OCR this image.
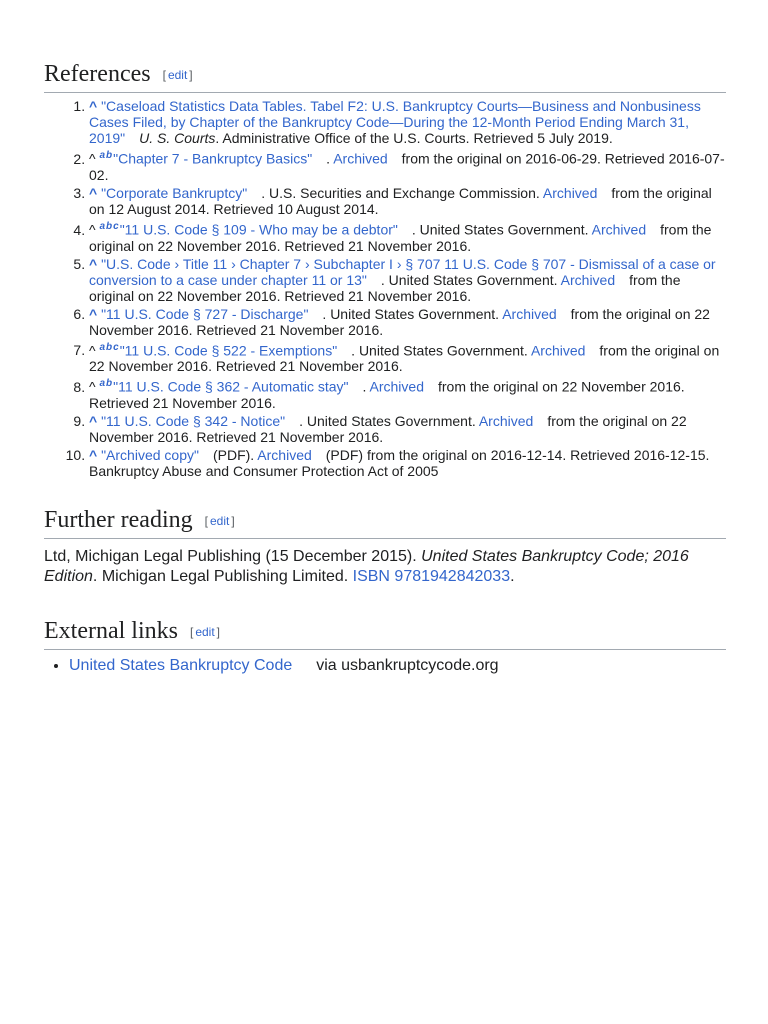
References [ edit ]
1. ^ "Caseload Statistics Data Tables. Tabel F2: U.S. Bankruptcy Courts—Business and Nonbusiness Cases Filed, by Chapter of the Bankruptcy Code—During the 12-Month Period Ending March 31, 2019" U. S. Courts. Administrative Office of the U.S. Courts. Retrieved 5 July 2019.
2. ^ $^{ab}$"Chapter 7 - Bankruptcy Basics" . Archived from the original on 2016-06-29. Retrieved 2016-07-02.
3. ^ "Corporate Bankruptcy" . U.S. Securities and Exchange Commission. Archived from the original on 12 August 2014. Retrieved 10 August 2014.
4. ^ $^{abc}$"11 U.S. Code § 109 - Who may be a debtor" . United States Government. Archived from the original on 22 November 2016. Retrieved 21 November 2016.
5. ^ "U.S. Code › Title 11 › Chapter 7 › Subchapter I › § 707 11 U.S. Code § 707 - Dismissal of a case or conversion to a case under chapter 11 or 13" . United States Government. Archived from the original on 22 November 2016. Retrieved 21 November 2016.
6. ^ "11 U.S. Code § 727 - Discharge" . United States Government. Archived from the original on 22 November 2016. Retrieved 21 November 2016.
7. ^ $^{abc}$"11 U.S. Code § 522 - Exemptions" . United States Government. Archived from the original on 22 November 2016. Retrieved 21 November 2016.
8. ^ $^{ab}$"11 U.S. Code § 362 - Automatic stay" . Archived from the original on 22 November 2016. Retrieved 21 November 2016.
9. ^ "11 U.S. Code § 342 - Notice" . United States Government. Archived from the original on 22 November 2016. Retrieved 21 November 2016.
10. ^ "Archived copy" (PDF). Archived (PDF) from the original on 2016-12-14. Retrieved 2016-12-15. Bankruptcy Abuse and Consumer Protection Act of 2005
Further reading [ edit ]

Ltd, Michigan Legal Publishing (15 December 2015). United States Bankruptcy Code; 2016 Edition. Michigan Legal Publishing Limited. ISBN 9781942842033.

External links [ edit ]
• United States Bankruptcy Code via usbankruptcycode.org
